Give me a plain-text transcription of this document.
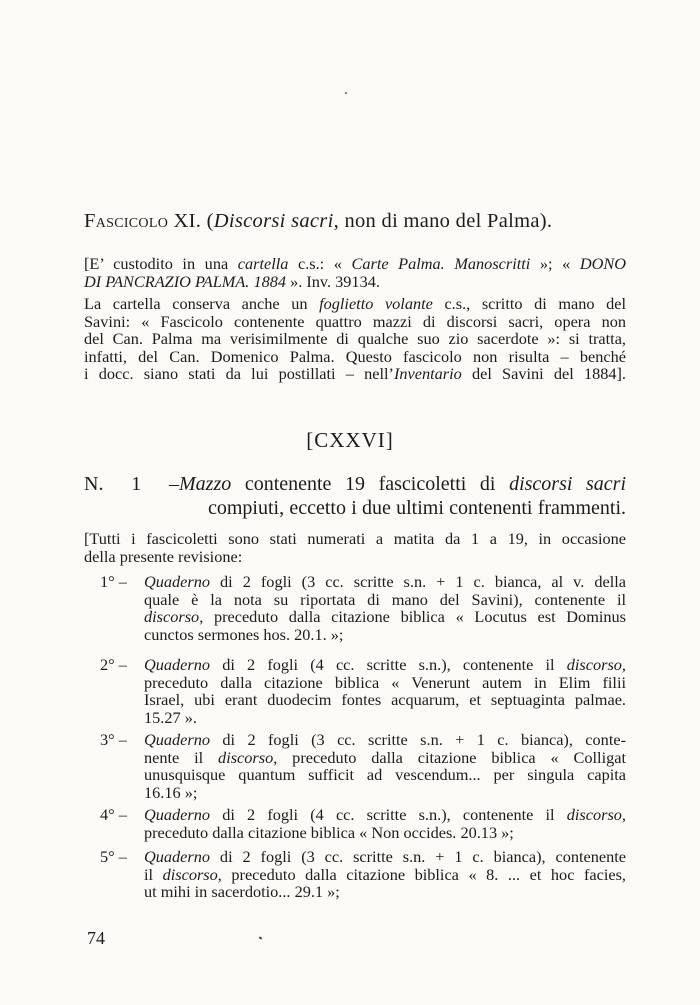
Fascicolo XI. (Discorsi sacri, non di mano del Palma).
[E’ custodito in una cartella c.s.: « Carte Palma. Manoscritti »; « DONO
DI PANCRAZIO PALMA. 1884 ». Inv. 39134.
La cartella conserva anche un foglietto volante c.s., scritto di mano del
Savini: « Fascicolo contenente quattro mazzi di discorsi sacri, opera non
del Can. Palma ma verisimilmente di qualche suo zio sacerdote »: si tratta,
infatti, del Can. Domenico Palma. Questo fascicolo non risulta – benché
i docc. siano stati da lui postillati – nell’Inventario del Savini del 1884].
[CXXVI]
N. 1 –Mazzo contenente 19 fascicoletti di discorsi sacri
compiuti, eccetto i due ultimi contenenti frammenti.
[Tutti i fascicoletti sono stati numerati a matita da 1 a 19, in occasione
della presente revisione:
1° – Quaderno di 2 fogli (3 cc. scritte s.n. + 1 c. bianca, al v. della
quale è la nota su riportata di mano del Savini), contenente il
discorso, preceduto dalla citazione biblica « Locutus est Dominus
cunctos sermones hos. 20.1. »;
2° – Quaderno di 2 fogli (4 cc. scritte s.n.), contenente il discorso,
preceduto dalla citazione biblica « Venerunt autem in Elim filii
Israel, ubi erant duodecim fontes acquarum, et septuaginta palmae.
15.27 ».
3° – Quaderno di 2 fogli (3 cc. scritte s.n. + 1 c. bianca), conte-
nente il discorso, preceduto dalla citazione biblica « Colligat
unusquisque quantum sufficit ad vescendum... per singula capita
16.16 »;
4° – Quaderno di 2 fogli (4 cc. scritte s.n.), contenente il discorso,
preceduto dalla citazione biblica « Non occides. 20.13 »;
5° – Quaderno di 2 fogli (3 cc. scritte s.n. + 1 c. bianca), contenente
il discorso, preceduto dalla citazione biblica « 8. ... et hoc facies,
ut mihi in sacerdotio... 29.1 »;
74
